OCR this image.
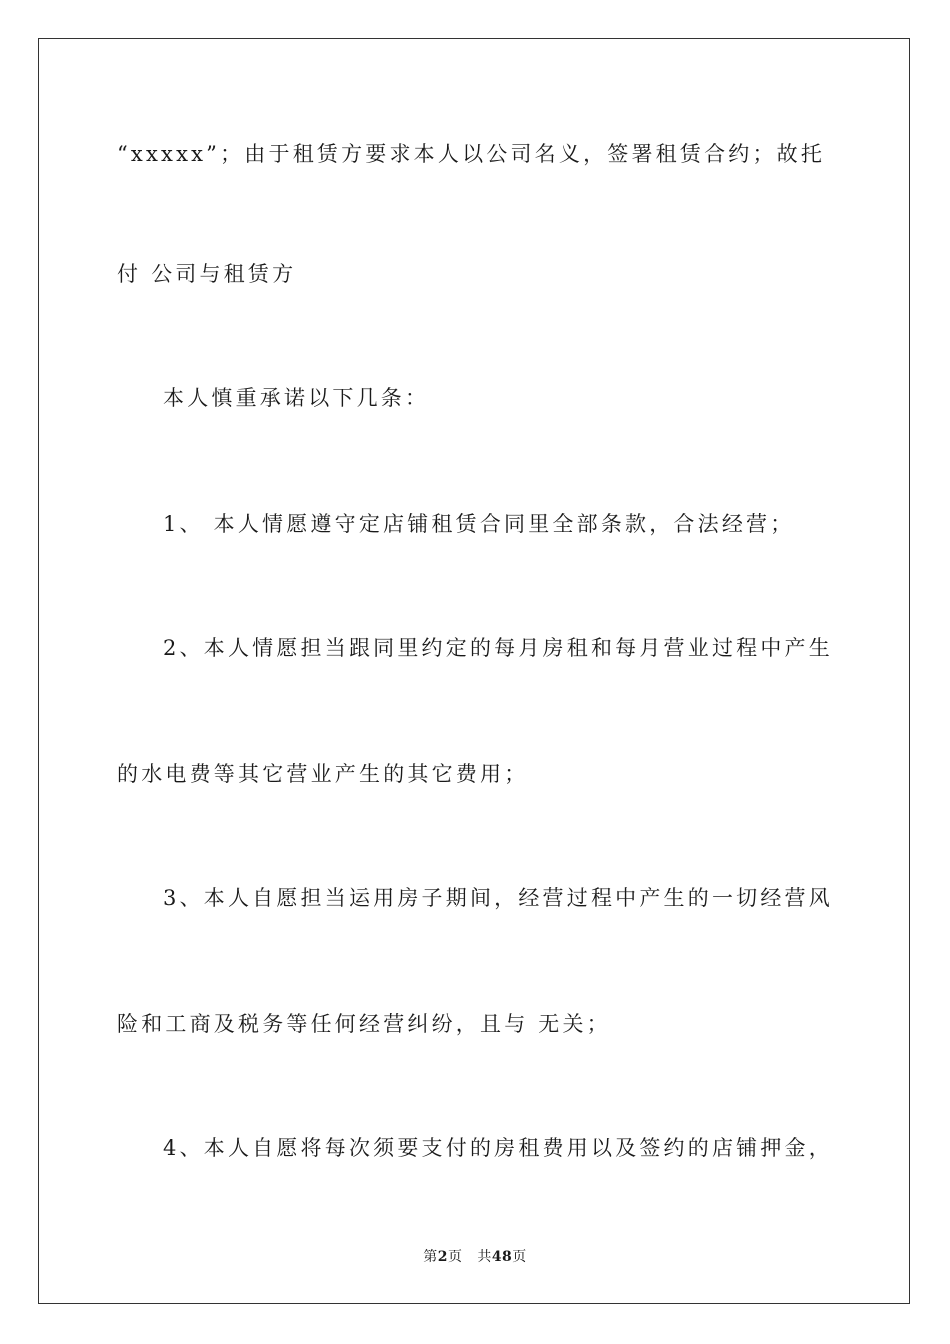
“xxxxx”；由于租赁方要求本人以公司名义，签署租赁合约；故托
付 公司与租赁方
本人慎重承诺以下几条：
1、 本人情愿遵守定店铺租赁合同里全部条款，合法经营；
2、本人情愿担当跟同里约定的每月房租和每月营业过程中产生
的水电费等其它营业产生的其它费用；
3、本人自愿担当运用房子期间，经营过程中产生的一切经营风
险和工商及税务等任何经营纠纷，且与 无关；
4、本人自愿将每次须要支付的房租费用以及签约的店铺押金，
第2页 共48页
